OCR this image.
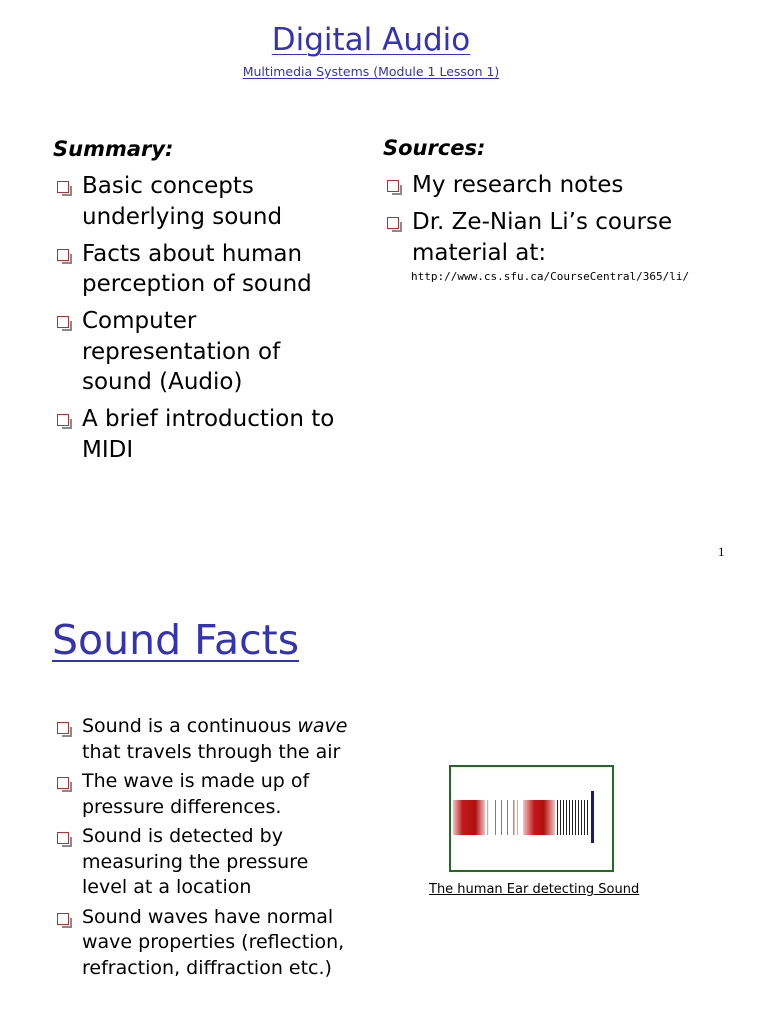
Digital Audio
Multimedia Systems (Module 1 Lesson 1)
Summary:
Basic concepts underlying sound
Facts about human perception of sound
Computer representation of sound (Audio)
A brief introduction to MIDI
Sources:
My research notes
Dr. Ze-Nian Li’s course material at:
http://www.cs.sfu.ca/CourseCentral/365/li/
1
Sound Facts
Sound is a continuous wave that travels through the air
The wave is made up of pressure differences.
Sound is detected by measuring the pressure level at a location
Sound waves have normal wave properties (reflection, refraction, diffraction etc.)
The human Ear detecting Sound
